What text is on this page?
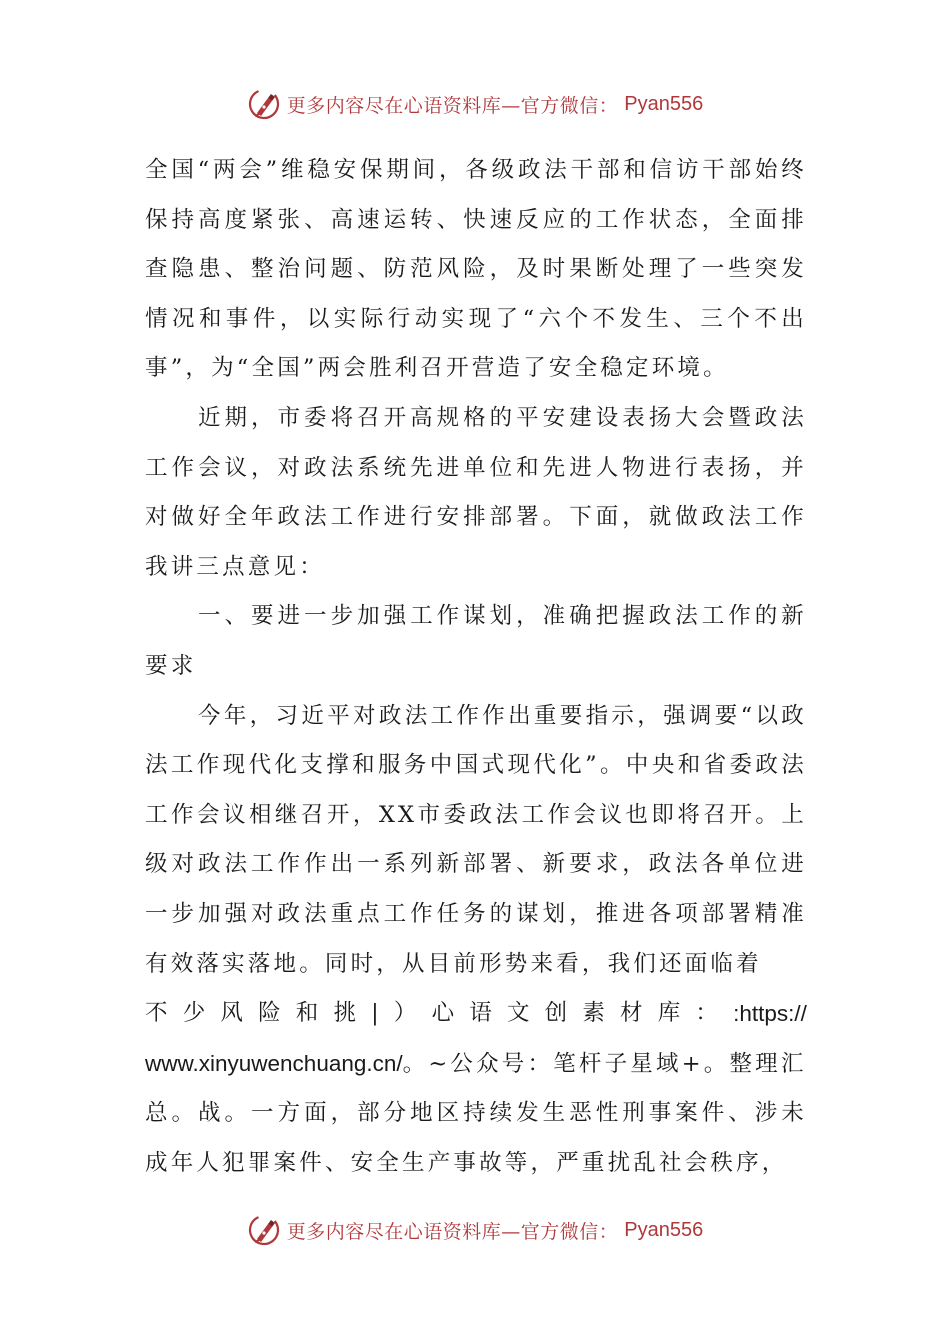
更多内容尽在心语资料库—官方微信： Pyan556

全国“两会”维稳安保期间，各级政法干部和信访干部始终保持高度紧张、高速运转、快速反应的工作状态，全面排查隐患、整治问题、防范风险，及时果断处理了一些突发情况和事件，以实际行动实现了“六个不发生、三个不出事”，为“全国”两会胜利召开营造了安全稳定环境。

近期，市委将召开高规格的平安建设表扬大会暨政法工作会议，对政法系统先进单位和先进人物进行表扬，并对做好全年政法工作进行安排部署。下面，就做政法工作我讲三点意见：

一、要进一步加强工作谋划，准确把握政法工作的新要求

今年，习近平对政法工作作出重要指示，强调要“以政法工作现代化支撑和服务中国式现代化”。中央和省委政法工作会议相继召开，XX市委政法工作会议也即将召开。上级对政法工作作出一系列新部署、新要求，政法各单位进一步加强对政法重点工作任务的谋划，推进各项部署精准有效落实落地。同时，从目前形势来看，我们还面临着

不 少 风 险 和 挑 | ） 心 语 文 创 素 材 库 ： :https://

www.xinyuwenchuang.cn/。~公众号：笔杆子星域+。整理汇

总。战。一方面，部分地区持续发生恶性刑事案件、涉未成年人犯罪案件、安全生产事故等，严重扰乱社会秩序，

更多内容尽在心语资料库—官方微信： Pyan556
